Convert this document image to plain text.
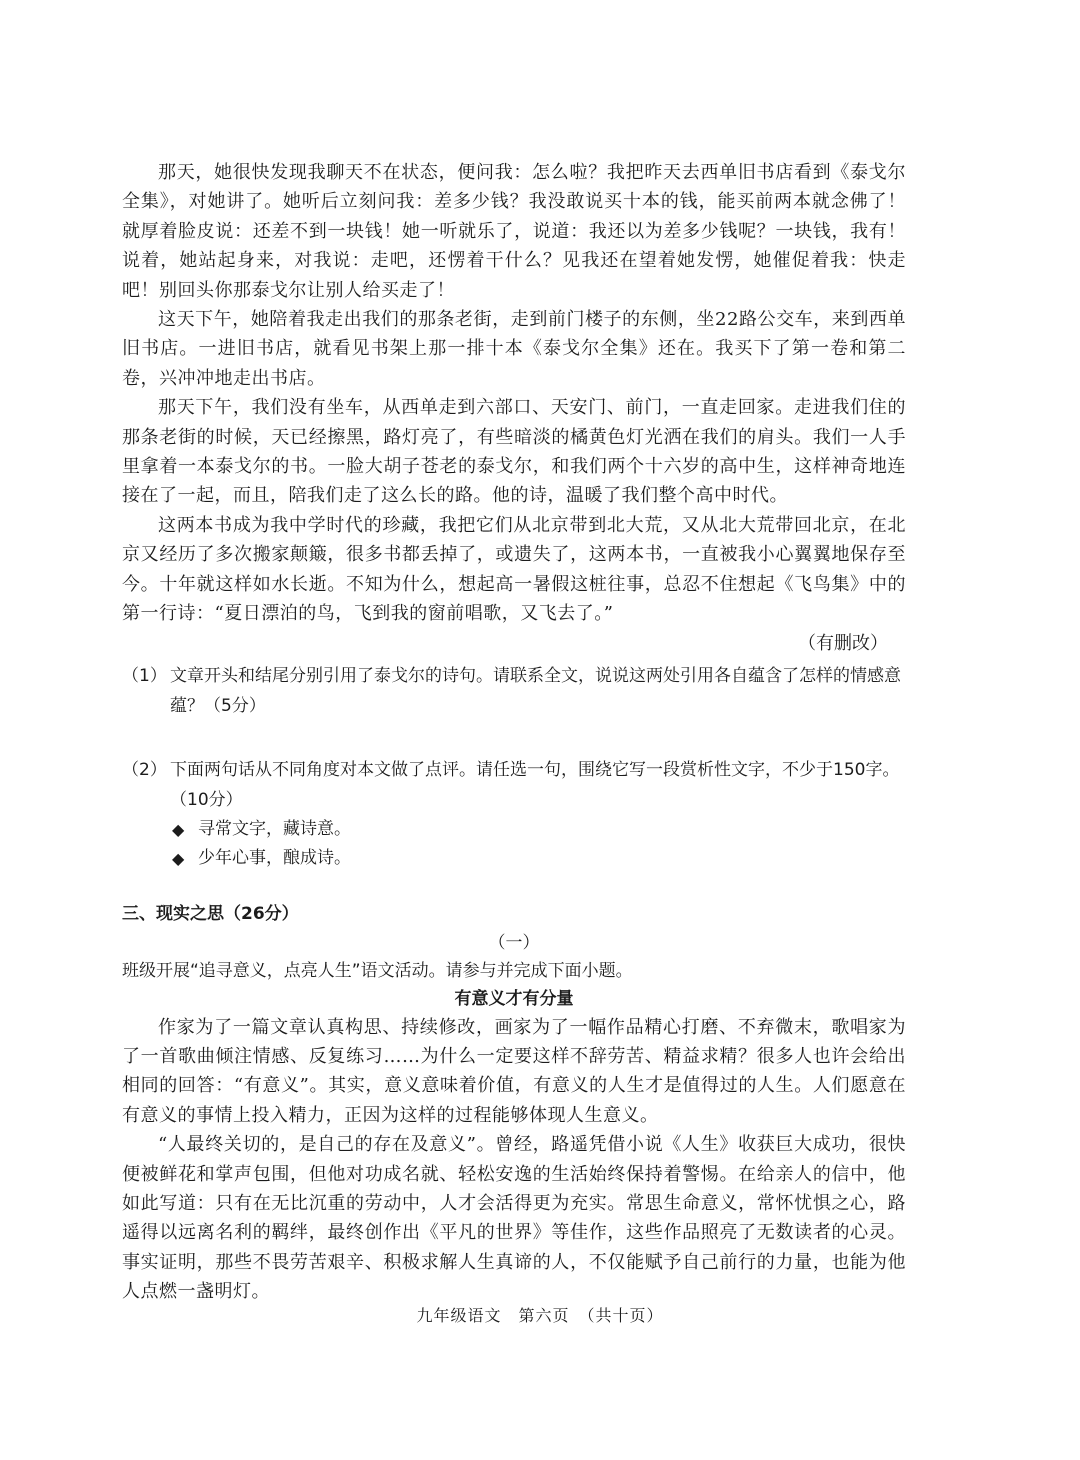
那天，她很快发现我聊天不在状态，便问我：怎么啦？我把昨天去西单旧书店看到《泰戈尔全集》，对她讲了。她听后立刻问我：差多少钱？我没敢说买十本的钱，能买前两本就念佛了！就厚着脸皮说：还差不到一块钱！她一听就乐了，说道：我还以为差多少钱呢？一块钱，我有！说着，她站起身来，对我说：走吧，还愣着干什么？见我还在望着她发愣，她催促着我：快走吧！别回头你那泰戈尔让别人给买走了！

这天下午，她陪着我走出我们的那条老街，走到前门楼子的东侧，坐22路公交车，来到西单旧书店。一进旧书店，就看见书架上那一排十本《泰戈尔全集》还在。我买下了第一卷和第二卷，兴冲冲地走出书店。

那天下午，我们没有坐车，从西单走到六部口、天安门、前门，一直走回家。走进我们住的那条老街的时候，天已经擦黑，路灯亮了，有些暗淡的橘黄色灯光洒在我们的肩头。我们一人手里拿着一本泰戈尔的书。一脸大胡子苍老的泰戈尔，和我们两个十六岁的高中生，这样神奇地连接在了一起，而且，陪我们走了这么长的路。他的诗，温暖了我们整个高中时代。

这两本书成为我中学时代的珍藏，我把它们从北京带到北大荒，又从北大荒带回北京，在北京又经历了多次搬家颠簸，很多书都丢掉了，或遗失了，这两本书，一直被我小心翼翼地保存至今。十年就这样如水长逝。不知为什么，想起高一暑假这桩往事，总忍不住想起《飞鸟集》中的第一行诗：“夏日漂泊的鸟，飞到我的窗前唱歌，又飞去了。”

（有删改）
（1） 文章开头和结尾分别引用了泰戈尔的诗句。请联系全文，说说这两处引用各自蕴含了怎样的情感意蕴？（5分）
（2） 下面两句话从不同角度对本文做了点评。请任选一句，围绕它写一段赏析性文字，不少于150字。（10分）
◆ 寻常文字，藏诗意。
◆ 少年心事，酿成诗。
三、现实之思（26分）
（一）
班级开展“追寻意义，点亮人生”语文活动。请参与并完成下面小题。
有意义才有分量

作家为了一篇文章认真构思、持续修改，画家为了一幅作品精心打磨、不弃微末，歌唱家为了一首歌曲倾注情感、反复练习……为什么一定要这样不辞劳苦、精益求精？很多人也许会给出相同的回答：“有意义”。其实，意义意味着价值，有意义的人生才是值得过的人生。人们愿意在有意义的事情上投入精力，正因为这样的过程能够体现人生意义。

“人最终关切的，是自己的存在及意义”。曾经，路遥凭借小说《人生》收获巨大成功，很快便被鲜花和掌声包围，但他对功成名就、轻松安逸的生活始终保持着警惕。在给亲人的信中，他如此写道：只有在无比沉重的劳动中，人才会活得更为充实。常思生命意义，常怀忧惧之心，路遥得以远离名利的羁绊，最终创作出《平凡的世界》等佳作，这些作品照亮了无数读者的心灵。事实证明，那些不畏劳苦艰辛、积极求解人生真谛的人，不仅能赋予自己前行的力量，也能为他人点燃一盏明灯。

九年级语文　第六页　（共十页）
